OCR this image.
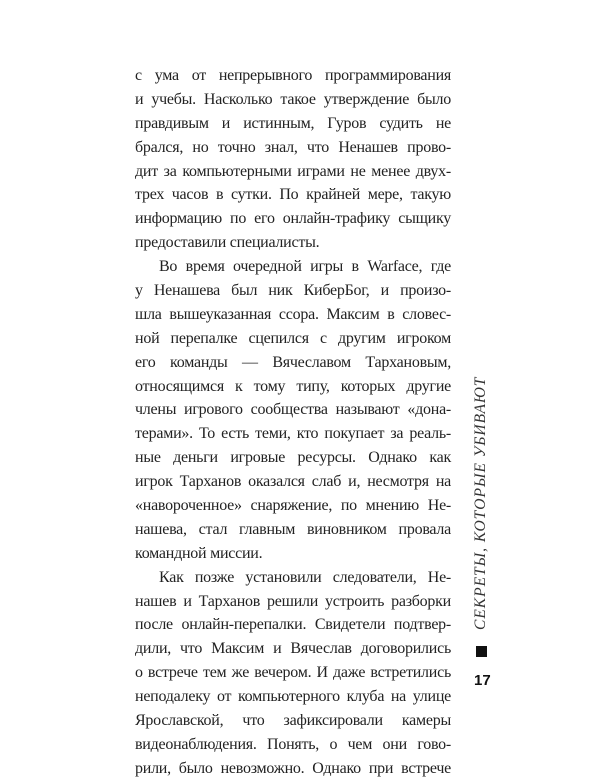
с ума от непрерывного программирования
и учебы. Насколько такое утверждение было
правдивым и истинным, Гуров судить не
брался, но точно знал, что Ненашев прово-
дит за компьютерными играми не менее двух-
трех часов в сутки. По крайней мере, такую
информацию по его онлайн-трафику сыщику
предоставили специалисты.
Во время очередной игры в Warface, где
у Ненашева был ник КиберБог, и произо-
шла вышеуказанная ссора. Максим в словес-
ной перепалке сцепился с другим игроком
его команды — Вячеславом Тархановым,
относящимся к тому типу, которых другие
члены игрового сообщества называют «дона-
терами». То есть теми, кто покупает за реаль-
ные деньги игровые ресурсы. Однако как
игрок Тарханов оказался слаб и, несмотря на
«навороченное» снаряжение, по мнению Не-
нашева, стал главным виновником провала
командной миссии.
Как позже установили следователи, Не-
нашев и Тарханов решили устроить разборки
после онлайн-перепалки. Свидетели подтвер-
дили, что Максим и Вячеслав договорились
о встрече тем же вечером. И даже встретились
неподалеку от компьютерного клуба на улице
Ярославской, что зафиксировали камеры
видеонаблюдения. Понять, о чем они гово-
рили, было невозможно. Однако при встрече
СЕКРЕТЫ, КОТОРЫЕ УБИВАЮТ
17
